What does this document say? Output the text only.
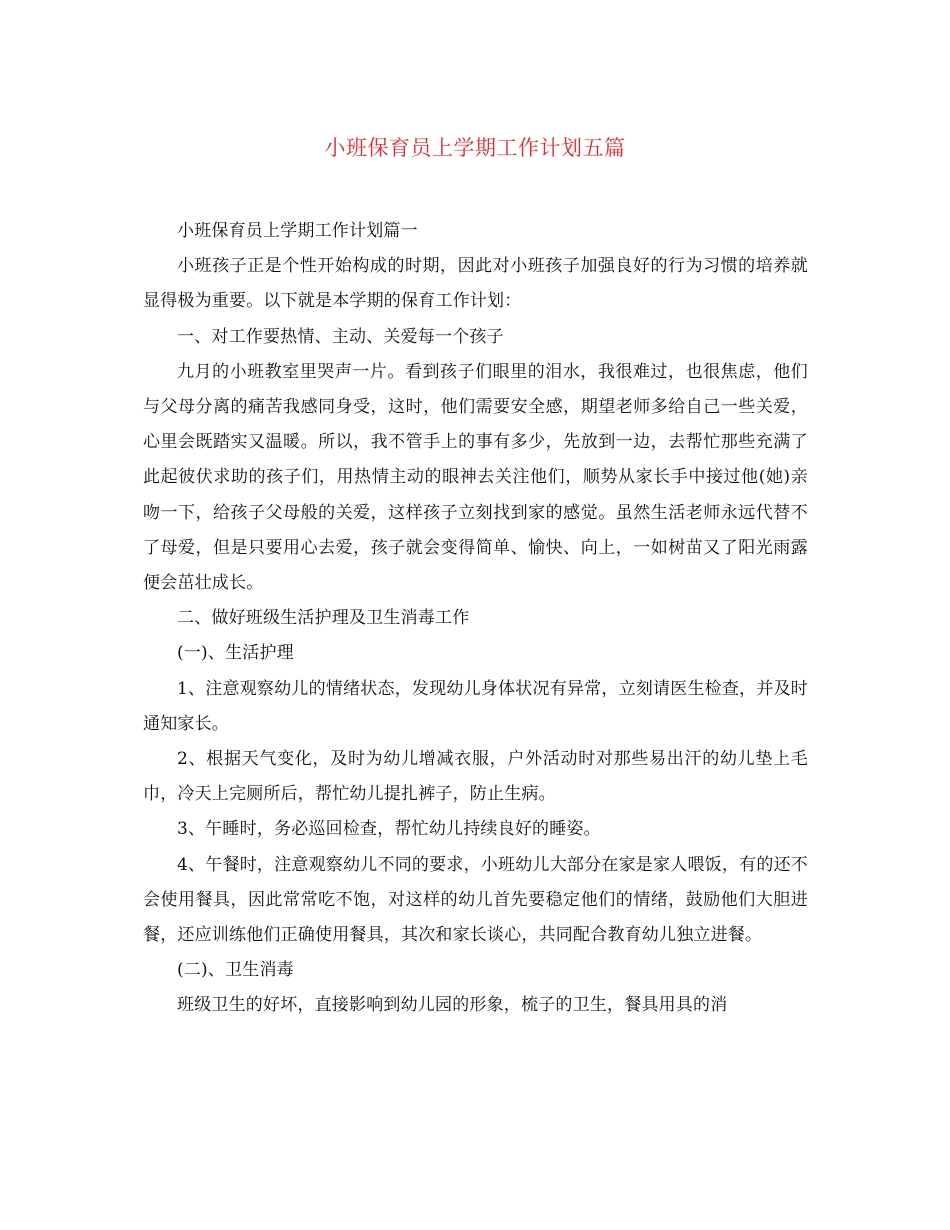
小班保育员上学期工作计划五篇

小班保育员上学期工作计划篇一

小班孩子正是个性开始构成的时期，因此对小班孩子加强良好的行为习惯的培养就显得极为重要。以下就是本学期的保育工作计划：

一、对工作要热情、主动、关爱每一个孩子

九月的小班教室里哭声一片。看到孩子们眼里的泪水，我很难过，也很焦虑，他们与父母分离的痛苦我感同身受，这时，他们需要安全感，期望老师多给自己一些关爱，心里会既踏实又温暖。所以，我不管手上的事有多少，先放到一边，去帮忙那些充满了此起彼伏求助的孩子们，用热情主动的眼神去关注他们，顺势从家长手中接过他(她)亲吻一下，给孩子父母般的关爱，这样孩子立刻找到家的感觉。虽然生活老师永远代替不了母爱，但是只要用心去爱，孩子就会变得简单、愉快、向上，一如树苗又了阳光雨露便会茁壮成长。

二、做好班级生活护理及卫生消毒工作

(一)、生活护理

1、注意观察幼儿的情绪状态，发现幼儿身体状况有异常，立刻请医生检查，并及时通知家长。

2、根据天气变化，及时为幼儿增减衣服，户外活动时对那些易出汗的幼儿垫上毛巾，冷天上完厕所后，帮忙幼儿提扎裤子，防止生病。

3、午睡时，务必巡回检查，帮忙幼儿持续良好的睡姿。

4、午餐时，注意观察幼儿不同的要求，小班幼儿大部分在家是家人喂饭，有的还不会使用餐具，因此常常吃不饱，对这样的幼儿首先要稳定他们的情绪，鼓励他们大胆进餐，还应训练他们正确使用餐具，其次和家长谈心，共同配合教育幼儿独立进餐。

(二)、卫生消毒

班级卫生的好坏，直接影响到幼儿园的形象，梳子的卫生，餐具用具的消
